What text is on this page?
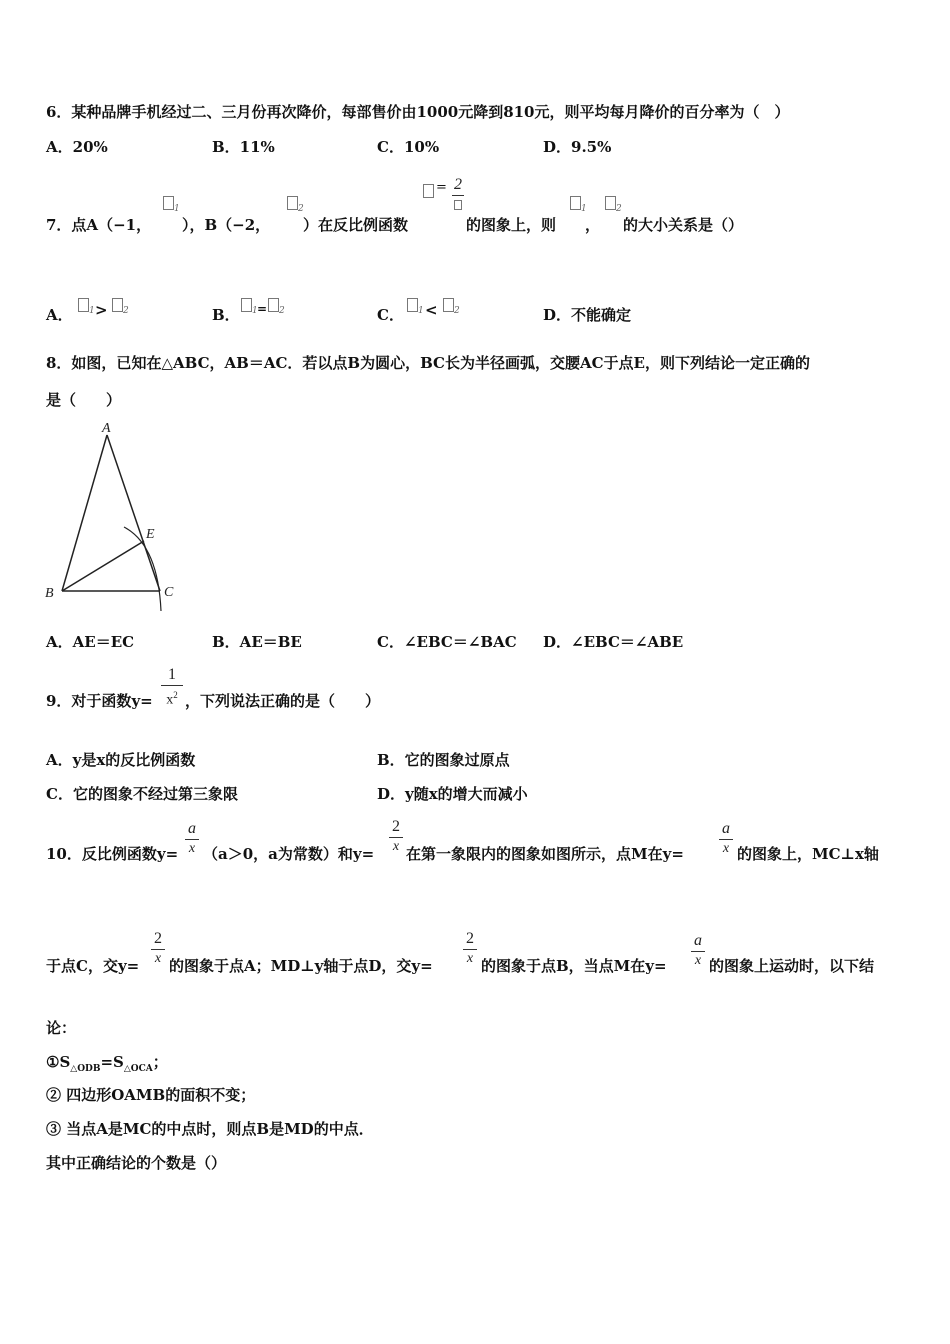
6．某种品牌手机经过二、三月份再次降价，每部售价由1000元降到810元，则平均每月降价的百分率为（　）
A．20%	B．11%	C．10%	D．9.5%
7．点A（−1，
1
），B（−2，
2
）在反比例函数
= 2
的图象上，则
1
，
2
的大小关系是（）
A． 1 > 2	B． 1 = 2	C． 1 < 2	D．不能确定
8．如图，已知在△ABC，AB＝AC．若以点B为圆心，BC长为半径画弧，交腰AC于点E，则下列结论一定正确的
是（　　）
A
B	C
E
A．AE＝EC	B．AE＝BE	C．∠EBC＝∠BAC D．∠EBC＝∠ABE
9．对于函数y=
1
$x^2$ ，下列说法正确的是（　　）
A．y是x的反比例函数	B．它的图象过原点
C．它的图象不经过第三象限	D．y随x的增大而减小
10．反比例函数y=
a
x （a＞0，a为常数）和y=
2
x 在第一象限内的图象如图所示，点M在y=
a
x 的图象上，MC⊥x轴
于点C，交y=
2
x 的图象于点A；MD⊥y轴于点D，交y=
2
x 的图象于点B，当点M在y=
a
x 的图象上运动时，以下结
论：
$①S_{\triangle ODB}=S_{\triangle OCA}$；
② 四边形OAMB的面积不变；
③ 当点A是MC的中点时，则点B是MD的中点．
其中正确结论的个数是（）
